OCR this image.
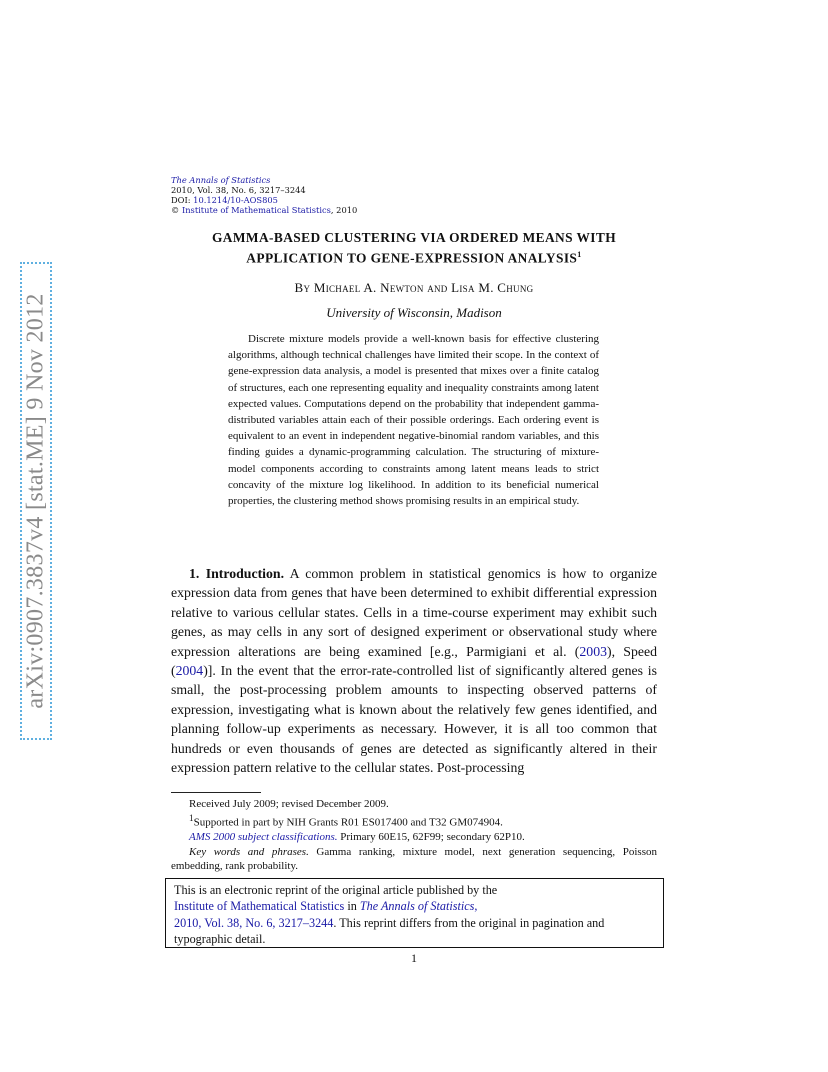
arXiv:0907.3837v4 [stat.ME] 9 Nov 2012
The Annals of Statistics
2010, Vol. 38, No. 6, 3217–3244
DOI: 10.1214/10-AOS805
© Institute of Mathematical Statistics, 2010
GAMMA-BASED CLUSTERING VIA ORDERED MEANS WITH
APPLICATION TO GENE-EXPRESSION ANALYSIS$^1$
By Michael A. Newton and Lisa M. Chung
University of Wisconsin, Madison
Discrete mixture models provide a well-known basis for effective clustering algorithms, although technical challenges have limited their scope. In the context of gene-expression data analysis, a model is presented that mixes over a finite catalog of structures, each one representing equality and inequality constraints among latent expected values. Computations depend on the probability that independent gamma-distributed variables attain each of their possible orderings. Each ordering event is equivalent to an event in independent negative-binomial random variables, and this finding guides a dynamic-programming calculation. The structuring of mixture-model components according to constraints among latent means leads to strict concavity of the mixture log likelihood. In addition to its beneficial numerical properties, the clustering method shows promising results in an empirical study.
1. Introduction. A common problem in statistical genomics is how to organize expression data from genes that have been determined to exhibit differential expression relative to various cellular states. Cells in a time-course experiment may exhibit such genes, as may cells in any sort of designed experiment or observational study where expression alterations are being examined [e.g., Parmigiani et al. (2003), Speed (2004)]. In the event that the error-rate-controlled list of significantly altered genes is small, the post-processing problem amounts to inspecting observed patterns of expression, investigating what is known about the relatively few genes identified, and planning follow-up experiments as necessary. However, it is all too common that hundreds or even thousands of genes are detected as significantly altered in their expression pattern relative to the cellular states. Post-processing
Received July 2009; revised December 2009.
$^1$Supported in part by NIH Grants R01 ES017400 and T32 GM074904.
AMS 2000 subject classifications. Primary 60E15, 62F99; secondary 62P10.
Key words and phrases. Gamma ranking, mixture model, next generation sequencing, Poisson embedding, rank probability.
This is an electronic reprint of the original article published by the
Institute of Mathematical Statistics in The Annals of Statistics,
2010, Vol. 38, No. 6, 3217–3244. This reprint differs from the original in pagination and typographic detail.
1
